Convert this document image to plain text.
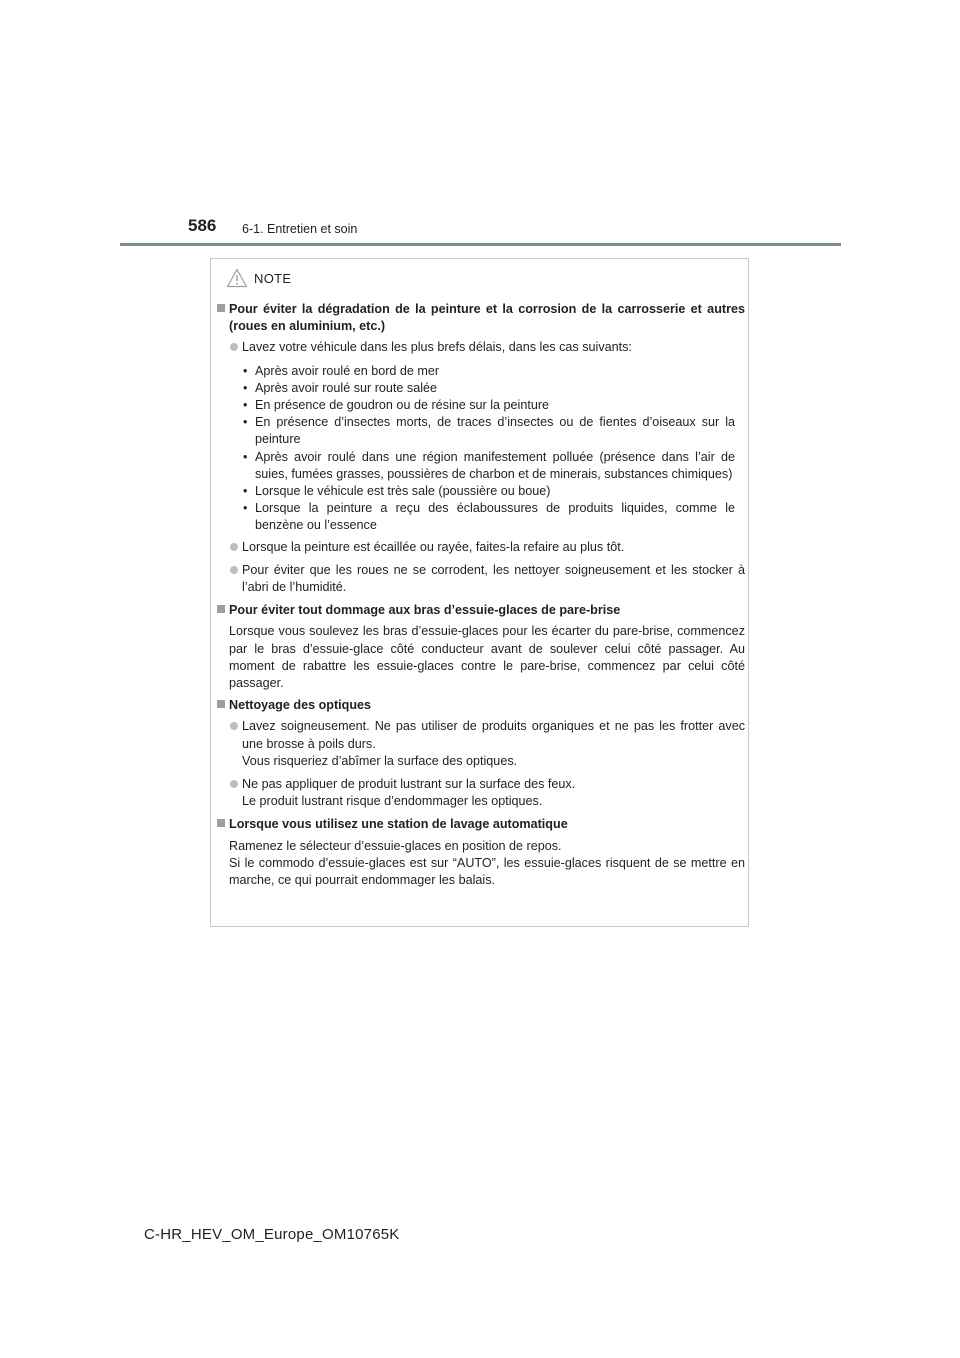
586 6-1. Entretien et soin
NOTE
Pour éviter la dégradation de la peinture et la corrosion de la carrosserie et autres (roues en aluminium, etc.)
Lavez votre véhicule dans les plus brefs délais, dans les cas suivants:
• Après avoir roulé en bord de mer
• Après avoir roulé sur route salée
• En présence de goudron ou de résine sur la peinture
• En présence d’insectes morts, de traces d’insectes ou de fientes d’oiseaux sur la peinture
• Après avoir roulé dans une région manifestement polluée (présence dans l’air de suies, fumées grasses, poussières de charbon et de minerais, substances chimiques)
• Lorsque le véhicule est très sale (poussière ou boue)
• Lorsque la peinture a reçu des éclaboussures de produits liquides, comme le benzène ou l’essence
Lorsque la peinture est écaillée ou rayée, faites-la refaire au plus tôt.
Pour éviter que les roues ne se corrodent, les nettoyer soigneusement et les stocker à l’abri de l’humidité.
Pour éviter tout dommage aux bras d’essuie-glaces de pare-brise
Lorsque vous soulevez les bras d’essuie-glaces pour les écarter du pare-brise, commencez par le bras d’essuie-glace côté conducteur avant de soulever celui côté passager. Au moment de rabattre les essuie-glaces contre le pare-brise, commencez par celui côté passager.
Nettoyage des optiques
Lavez soigneusement. Ne pas utiliser de produits organiques et ne pas les frotter avec une brosse à poils durs.
Vous risqueriez d’abîmer la surface des optiques.
Ne pas appliquer de produit lustrant sur la surface des feux.
Le produit lustrant risque d’endommager les optiques.
Lorsque vous utilisez une station de lavage automatique
Ramenez le sélecteur d’essuie-glaces en position de repos.
Si le commodo d’essuie-glaces est sur “AUTO”, les essuie-glaces risquent de se mettre en marche, ce qui pourrait endommager les balais.
C-HR_HEV_OM_Europe_OM10765K
